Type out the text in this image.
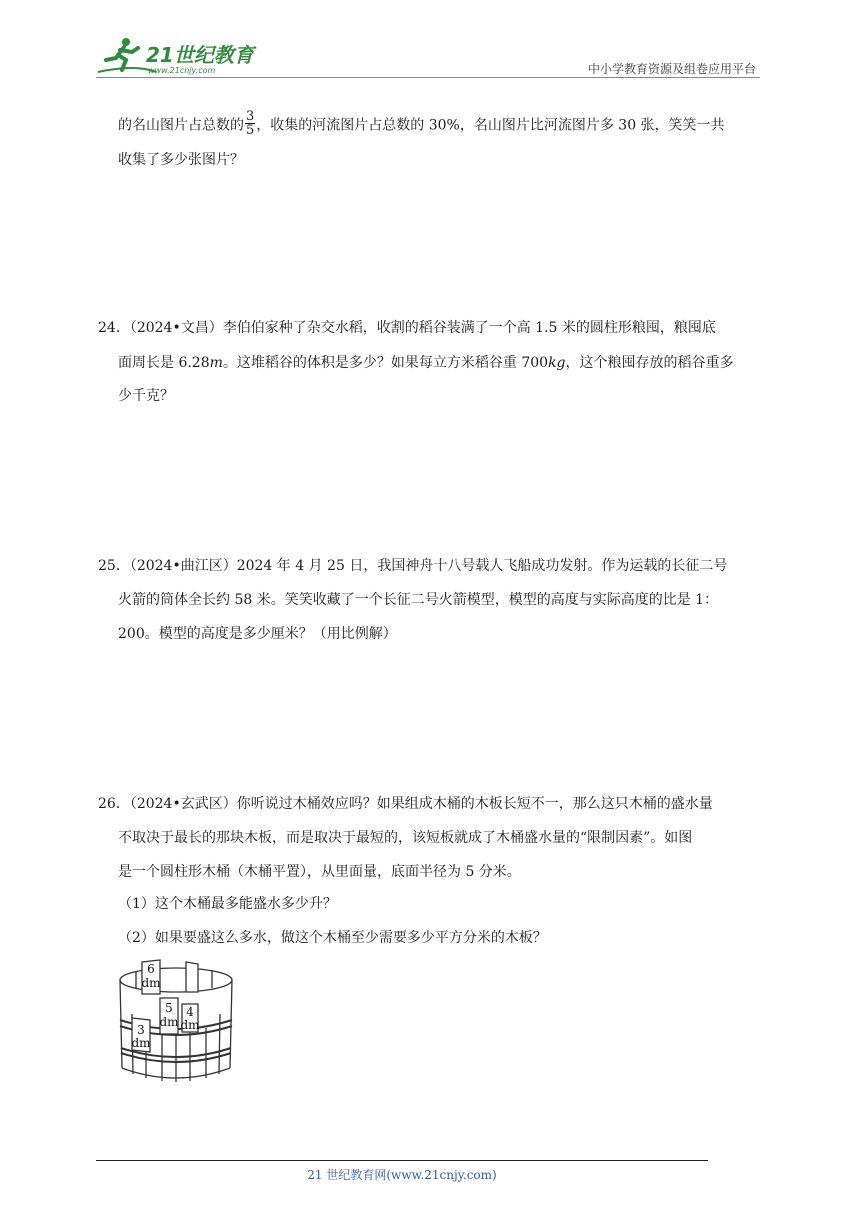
21世纪教育
www.21cnjy.com	中小学教育资源及组卷应用平台
的名山图片占总数的 $\frac{3}{5}$ ，收集的河流图片占总数的 30%，名山图片比河流图片多 30 张，笑笑一共
收集了多少张图片？
24．（2024•文昌）李伯伯家种了杂交水稻，收割的稻谷装满了一个高 1.5 米的圆柱形粮囤，粮囤底
面周长是 6.28m。这堆稻谷的体积是多少？如果每立方米稻谷重 700kg，这个粮囤存放的稻谷重多
少千克？
25．（2024•曲江区）2024 年 4 月 25 日，我国神舟十八号载人飞船成功发射。作为运载的长征二号
火箭的筒体全长约 58 米。笑笑收藏了一个长征二号火箭模型，模型的高度与实际高度的比是 1：
200。模型的高度是多少厘米？（用比例解）
26．（2024•玄武区）你听说过木桶效应吗？如果组成木桶的木板长短不一，那么这只木桶的盛水量
不取决于最长的那块木板，而是取决于最短的，该短板就成了木桶盛水量的“限制因素”。如图
是一个圆柱形木桶（木桶平置），从里面量，底面半径为 5 分米。
（1）这个木桶最多能盛水多少升？
（2）如果要盛这么多水，做这个木桶至少需要多少平方分米的木板？
6
dm
5
dm
4
dm
3
dm
21 世纪教育网(www.21cnjy.com)
